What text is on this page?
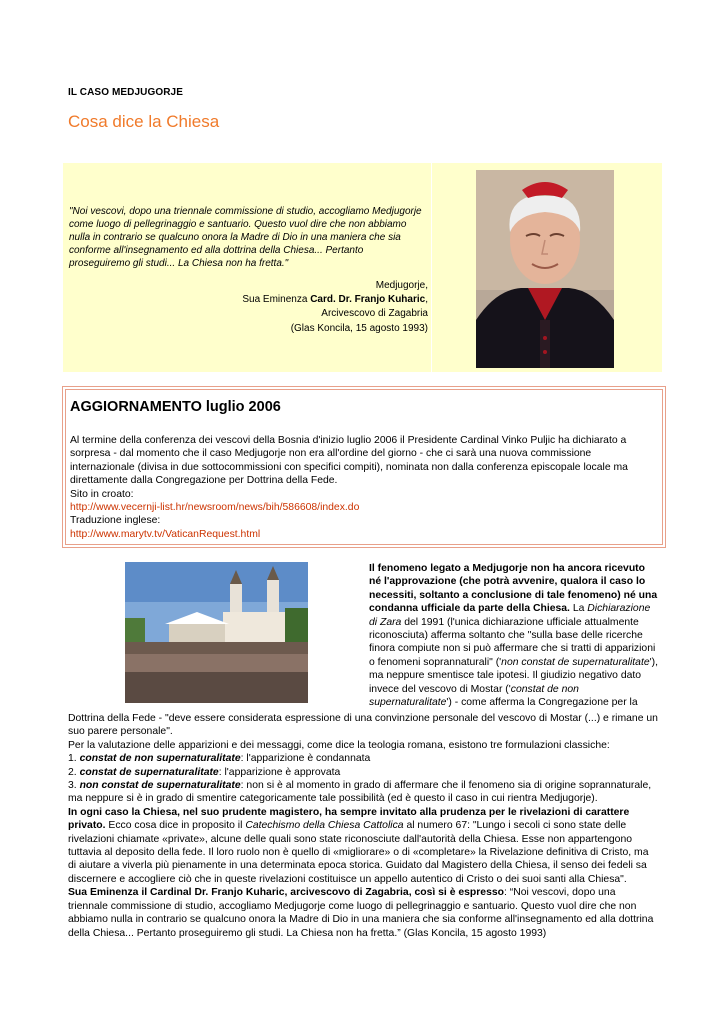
IL CASO MEDJUGORJE
Cosa dice la Chiesa
"Noi vescovi, dopo una triennale commissione di studio, accogliamo Medjugorje come luogo di pellegrinaggio e santuario. Questo vuol dire che non abbiamo nulla in contrario se qualcuno onora la Madre di Dio in una maniera che sia conforme all'insegnamento ed alla dottrina della Chiesa... Pertanto proseguiremo gli studi... La Chiesa non ha fretta."
Medjugorje,
Sua Eminenza Card. Dr. Franjo Kuharic,
Arcivescovo di Zagabria
(Glas Koncila, 15 agosto 1993)
AGGIORNAMENTO luglio 2006
Al termine della conferenza dei vescovi della Bosnia d'inizio luglio 2006 il Presidente Cardinal Vinko Puljic ha dichiarato a sorpresa - dal momento che il caso Medjugorje non era all'ordine del giorno - che ci sarà una nuova commissione internazionale (divisa in due sottocommissioni con specifici compiti), nominata non dalla conferenza episcopale locale ma direttamente dalla Congregazione per Dottrina della Fede.
Sito in croato:
http://www.vecernji-list.hr/newsroom/news/bih/586608/index.do
Traduzione inglese:
http://www.marytv.tv/VaticanRequest.html
Il fenomeno legato a Medjugorje non ha ancora ricevuto né l'approvazione (che potrà avvenire, qualora il caso lo necessiti, soltanto a conclusione di tale fenomeno) né una condanna ufficiale da parte della Chiesa. La Dichiarazione di Zara del 1991 (l'unica dichiarazione ufficiale attualmente riconosciuta) afferma soltanto che "sulla base delle ricerche finora compiute non si può affermare che si tratti di apparizioni o fenomeni soprannaturali" ('non constat de supernaturalitate'), ma neppure smentisce tale ipotesi. Il giudizio negativo dato invece del vescovo di Mostar ('constat de non supernaturalitate') - come afferma la Congregazione per la
Dottrina della Fede - "deve essere considerata espressione di una convinzione personale del vescovo di Mostar (...) e rimane un suo parere personale".
Per la valutazione delle apparizioni e dei messaggi, come dice la teologia romana, esistono tre formulazioni classiche:
1. constat de non supernaturalitate: l'apparizione è condannata
2. constat de supernaturalitate: l'apparizione è approvata
3. non constat de supernaturalitate: non si è al momento in grado di affermare che il fenomeno sia di origine soprannaturale, ma neppure si è in grado di smentire categoricamente tale possibilità (ed è questo il caso in cui rientra Medjugorje).
In ogni caso la Chiesa, nel suo prudente magistero, ha sempre invitato alla prudenza per le rivelazioni di carattere privato. Ecco cosa dice in proposito il Catechismo della Chiesa Cattolica al numero 67: "Lungo i secoli ci sono state delle rivelazioni chiamate «private», alcune delle quali sono state riconosciute dall'autorità della Chiesa. Esse non appartengono tuttavia al deposito della fede. Il loro ruolo non è quello di «migliorare» o di «completare» la Rivelazione definitiva di Cristo, ma di aiutare a viverla più pienamente in una determinata epoca storica. Guidato dal Magistero della Chiesa, il senso dei fedeli sa discernere e accogliere ciò che in queste rivelazioni costituisce un appello autentico di Cristo o dei suoi santi alla Chiesa".
Sua Eminenza il Cardinal Dr. Franjo Kuharic, arcivescovo di Zagabria, così si è espresso: “Noi vescovi, dopo una triennale commissione di studio, accogliamo Medjugorje come luogo di pellegrinaggio e santuario. Questo vuol dire che non abbiamo nulla in contrario se qualcuno onora la Madre di Dio in una maniera che sia conforme all'insegnamento ed alla dottrina della Chiesa... Pertanto proseguiremo gli studi. La Chiesa non ha fretta.” (Glas Koncila, 15 agosto 1993)
